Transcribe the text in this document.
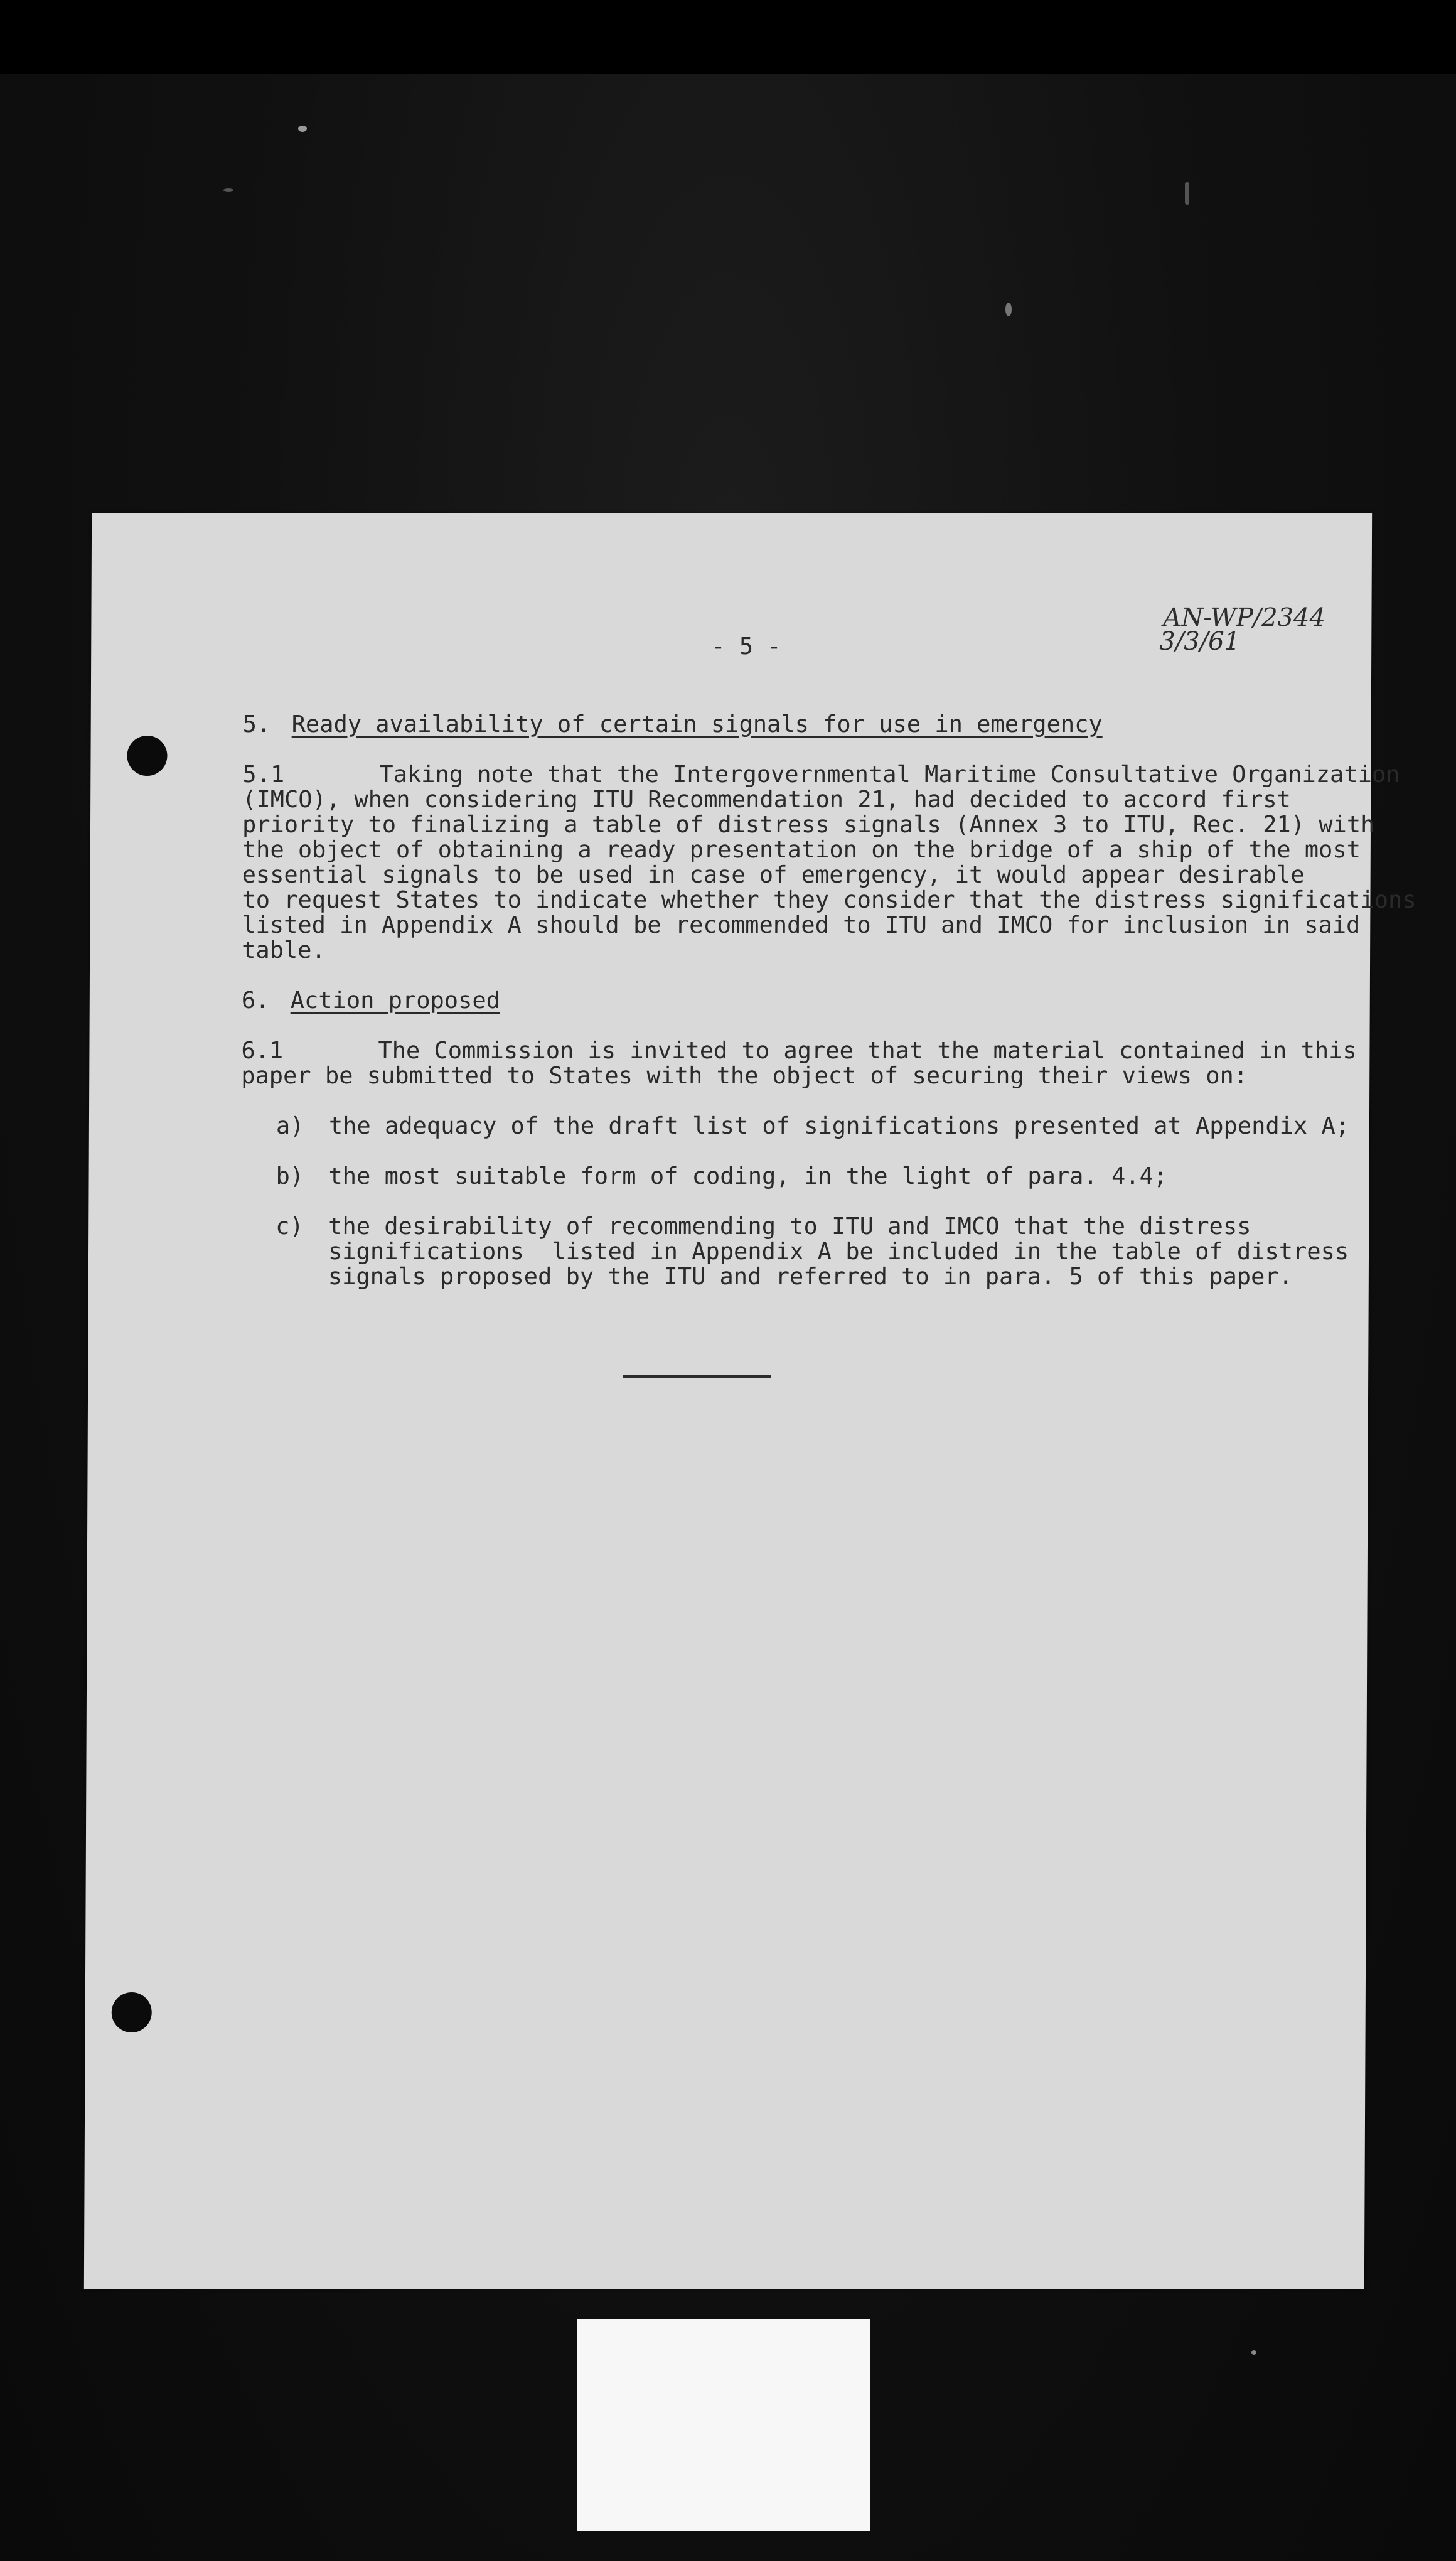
- 5 -
AN-WP/2344
3/3/61
5. Ready availability of certain signals for use in emergency
5.1	Taking note that the Intergovernmental Maritime Consultative Organization
(IMCO), when considering ITU Recommendation 21, had decided to accord first
priority to finalizing a table of distress signals (Annex 3 to ITU, Rec. 21) with
the object of obtaining a ready presentation on the bridge of a ship of the most
essential signals to be used in case of emergency, it would appear desirable
to request States to indicate whether they consider that the distress significations
listed in Appendix A should be recommended to ITU and IMCO for inclusion in said
table.
6. Action proposed
6.1	The Commission is invited to agree that the material contained in this
paper be submitted to States with the object of securing their views on:
a) the adequacy of the draft list of significations presented at Appendix A;
b) the most suitable form of coding, in the light of para. 4.4;
c) the desirability of recommending to ITU and IMCO that the distress
significations  listed in Appendix A be included in the table of distress
signals proposed by the ITU and referred to in para. 5 of this paper.
